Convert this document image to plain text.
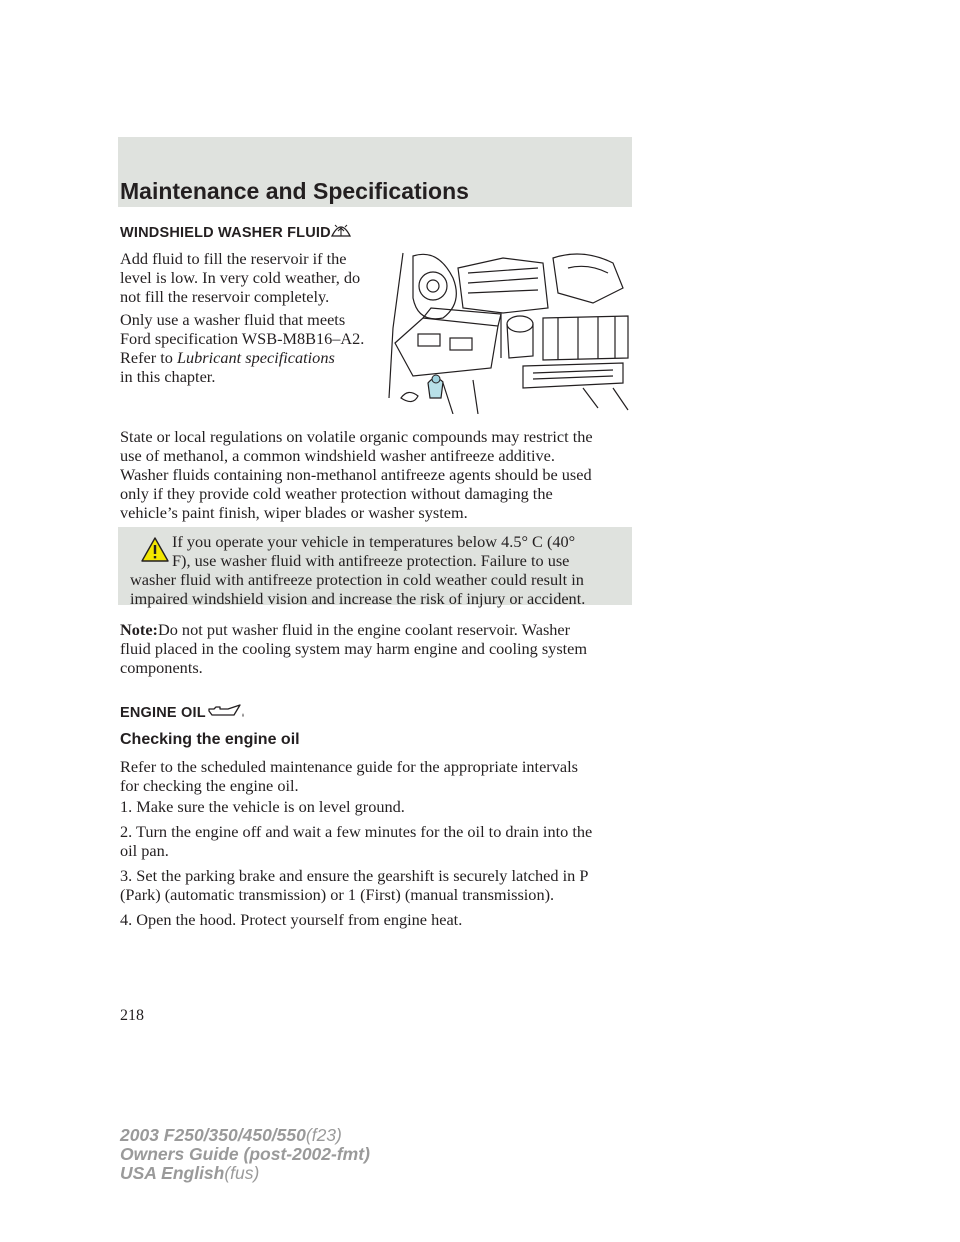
Maintenance and Specifications
WINDSHIELD WASHER FLUID
Add fluid to fill the reservoir if the
level is low. In very cold weather, do
not fill the reservoir completely.
Only use a washer fluid that meets
Ford specification WSB-M8B16–A2.
Refer to Lubricant specifications
in this chapter.
State or local regulations on volatile organic compounds may restrict the
use of methanol, a common windshield washer antifreeze additive.
Washer fluids containing non-methanol antifreeze agents should be used
only if they provide cold weather protection without damaging the
vehicle’s paint finish, wiper blades or washer system.
If you operate your vehicle in temperatures below 4.5° C (40°
F), use washer fluid with antifreeze protection. Failure to use
washer fluid with antifreeze protection in cold weather could result in
impaired windshield vision and increase the risk of injury or accident.
Note:Do not put washer fluid in the engine coolant reservoir. Washer
fluid placed in the cooling system may harm engine and cooling system
components.
ENGINE OIL
Checking the engine oil
Refer to the scheduled maintenance guide for the appropriate intervals
for checking the engine oil.
1. Make sure the vehicle is on level ground.
2. Turn the engine off and wait a few minutes for the oil to drain into the
oil pan.
3. Set the parking brake and ensure the gearshift is securely latched in P
(Park) (automatic transmission) or 1 (First) (manual transmission).
4. Open the hood. Protect yourself from engine heat.
218
2003 F250/350/450/550(f23)
Owners Guide (post-2002-fmt)
USA English(fus)
